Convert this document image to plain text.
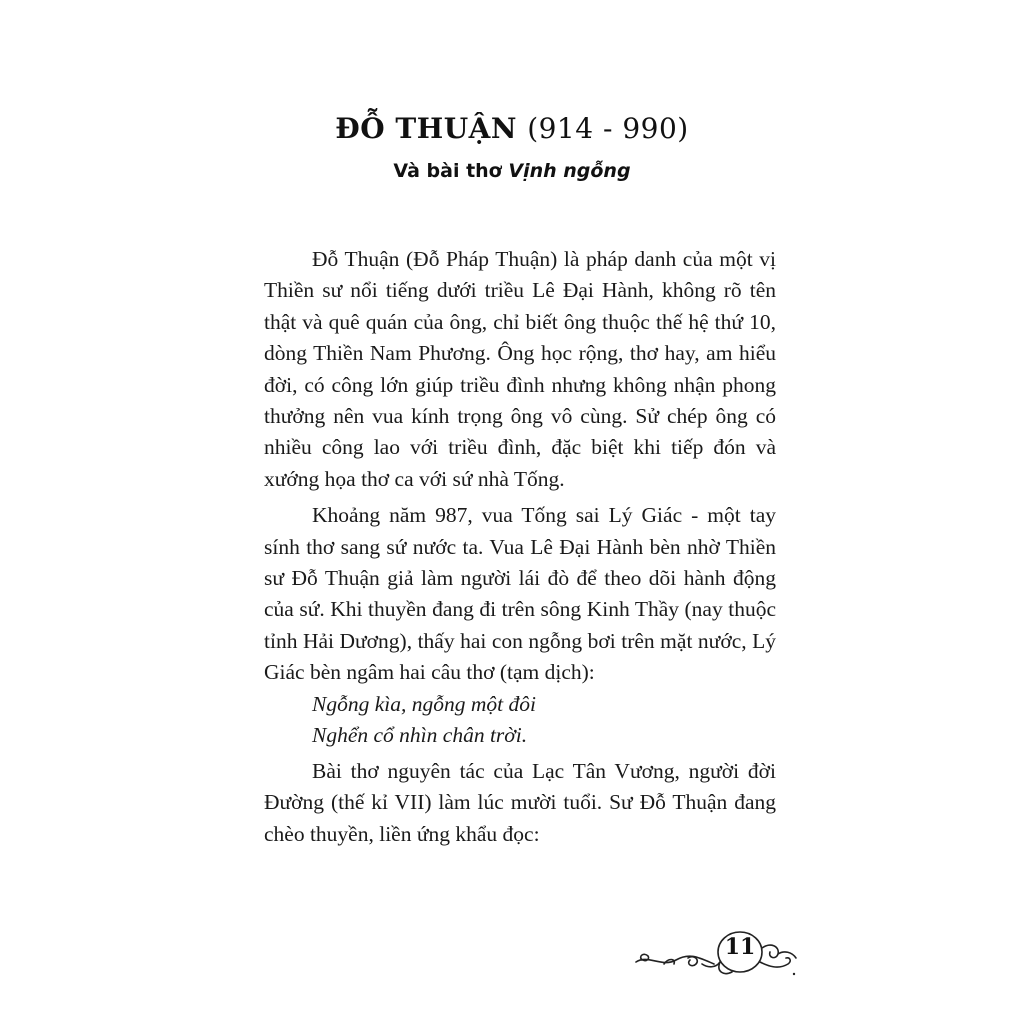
ĐỖ THUẬN (914 - 990)
Và bài thơ Vịnh ngỗng

Đỗ Thuận (Đỗ Pháp Thuận) là pháp danh của một vị Thiền sư nổi tiếng dưới triều Lê Đại Hành, không rõ tên thật và quê quán của ông, chỉ biết ông thuộc thế hệ thứ 10, dòng Thiền Nam Phương. Ông học rộng, thơ hay, am hiểu đời, có công lớn giúp triều đình nhưng không nhận phong thưởng nên vua kính trọng ông vô cùng. Sử chép ông có nhiều công lao với triều đình, đặc biệt khi tiếp đón và xướng họa thơ ca với sứ nhà Tống.

Khoảng năm 987, vua Tống sai Lý Giác - một tay sính thơ sang sứ nước ta. Vua Lê Đại Hành bèn nhờ Thiền sư Đỗ Thuận giả làm người lái đò để theo dõi hành động của sứ. Khi thuyền đang đi trên sông Kinh Thầy (nay thuộc tỉnh Hải Dương), thấy hai con ngỗng bơi trên mặt nước, Lý Giác bèn ngâm hai câu thơ (tạm dịch):

Ngỗng kìa, ngỗng một đôi
Nghển cổ nhìn chân trời.

Bài thơ nguyên tác của Lạc Tân Vương, người đời Đường (thế kỉ VII) làm lúc mười tuổi. Sư Đỗ Thuận đang chèo thuyền, liền ứng khẩu đọc:

11
